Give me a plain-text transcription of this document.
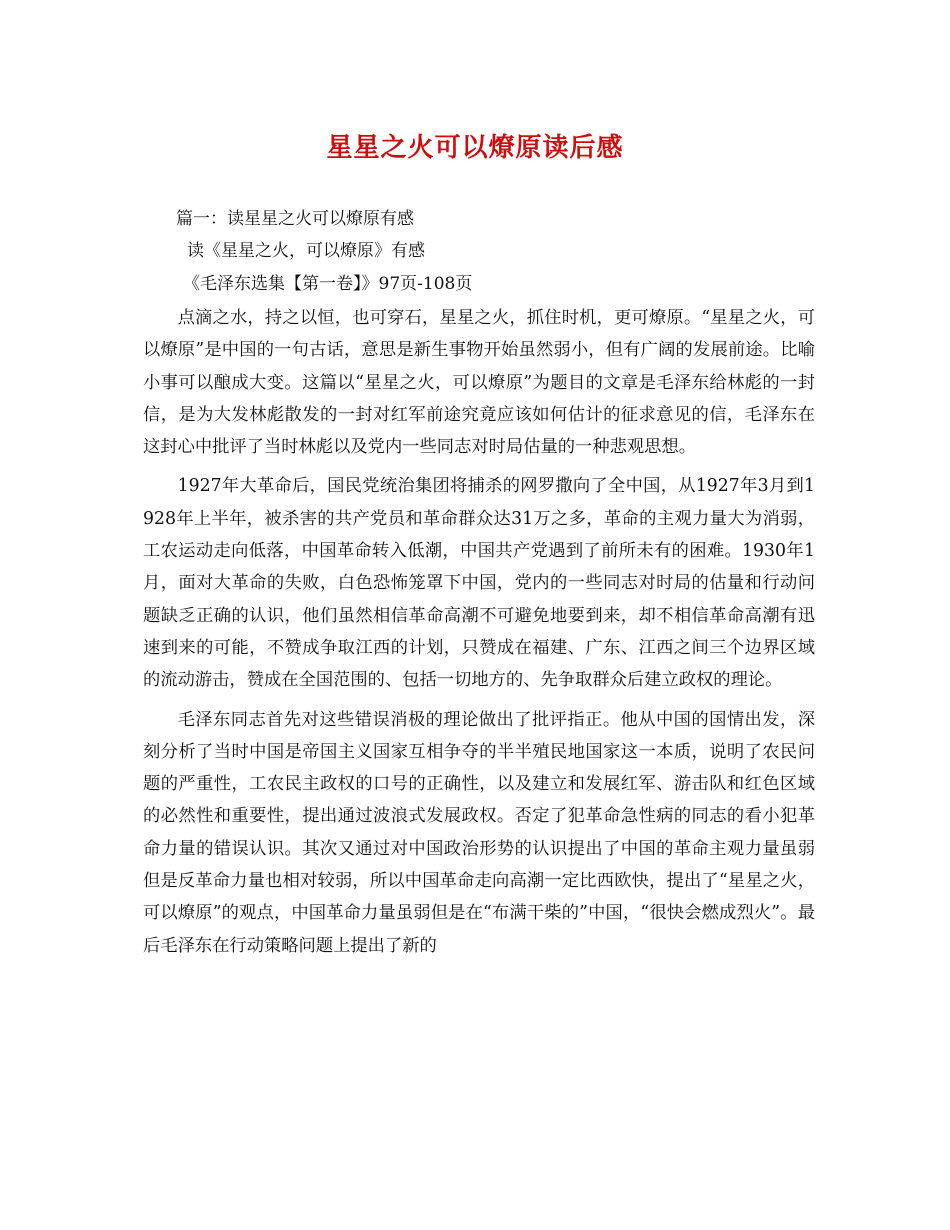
星星之火可以燎原读后感
篇一：读星星之火可以燎原有感
读《星星之火，可以燎原》有感
《毛泽东选集【第一卷】》97页-108页

点滴之水，持之以恒，也可穿石，星星之火，抓住时机，更可燎原。“星星之火，可以燎原”是中国的一句古话，意思是新生事物开始虽然弱小，但有广阔的发展前途。比喻小事可以酿成大变。这篇以“星星之火，可以燎原”为题目的文章是毛泽东给林彪的一封信，是为大发林彪散发的一封对红军前途究竟应该如何估计的征求意见的信，毛泽东在这封心中批评了当时林彪以及党内一些同志对时局估量的一种悲观思想。

1927年大革命后，国民党统治集团将捕杀的网罗撒向了全中国，从1927年3月到1928年上半年，被杀害的共产党员和革命群众达31万之多，革命的主观力量大为消弱，工农运动走向低落，中国革命转入低潮，中国共产党遇到了前所未有的困难。1930年1月，面对大革命的失败，白色恐怖笼罩下中国，党内的一些同志对时局的估量和行动问题缺乏正确的认识，他们虽然相信革命高潮不可避免地要到来，却不相信革命高潮有迅速到来的可能，不赞成争取江西的计划，只赞成在福建、广东、江西之间三个边界区域的流动游击，赞成在全国范围的、包括一切地方的、先争取群众后建立政权的理论。

毛泽东同志首先对这些错误消极的理论做出了批评指正。他从中国的国情出发，深刻分析了当时中国是帝国主义国家互相争夺的半半殖民地国家这一本质，说明了农民问题的严重性，工农民主政权的口号的正确性，以及建立和发展红军、游击队和红色区域的必然性和重要性，提出通过波浪式发展政权。否定了犯革命急性病的同志的看小犯革命力量的错误认识。其次又通过对中国政治形势的认识提出了中国的革命主观力量虽弱但是反革命力量也相对较弱，所以中国革命走向高潮一定比西欧快，提出了“星星之火，可以燎原”的观点，中国革命力量虽弱但是在“布满干柴的”中国，“很快会燃成烈火”。最后毛泽东在行动策略问题上提出了新的
